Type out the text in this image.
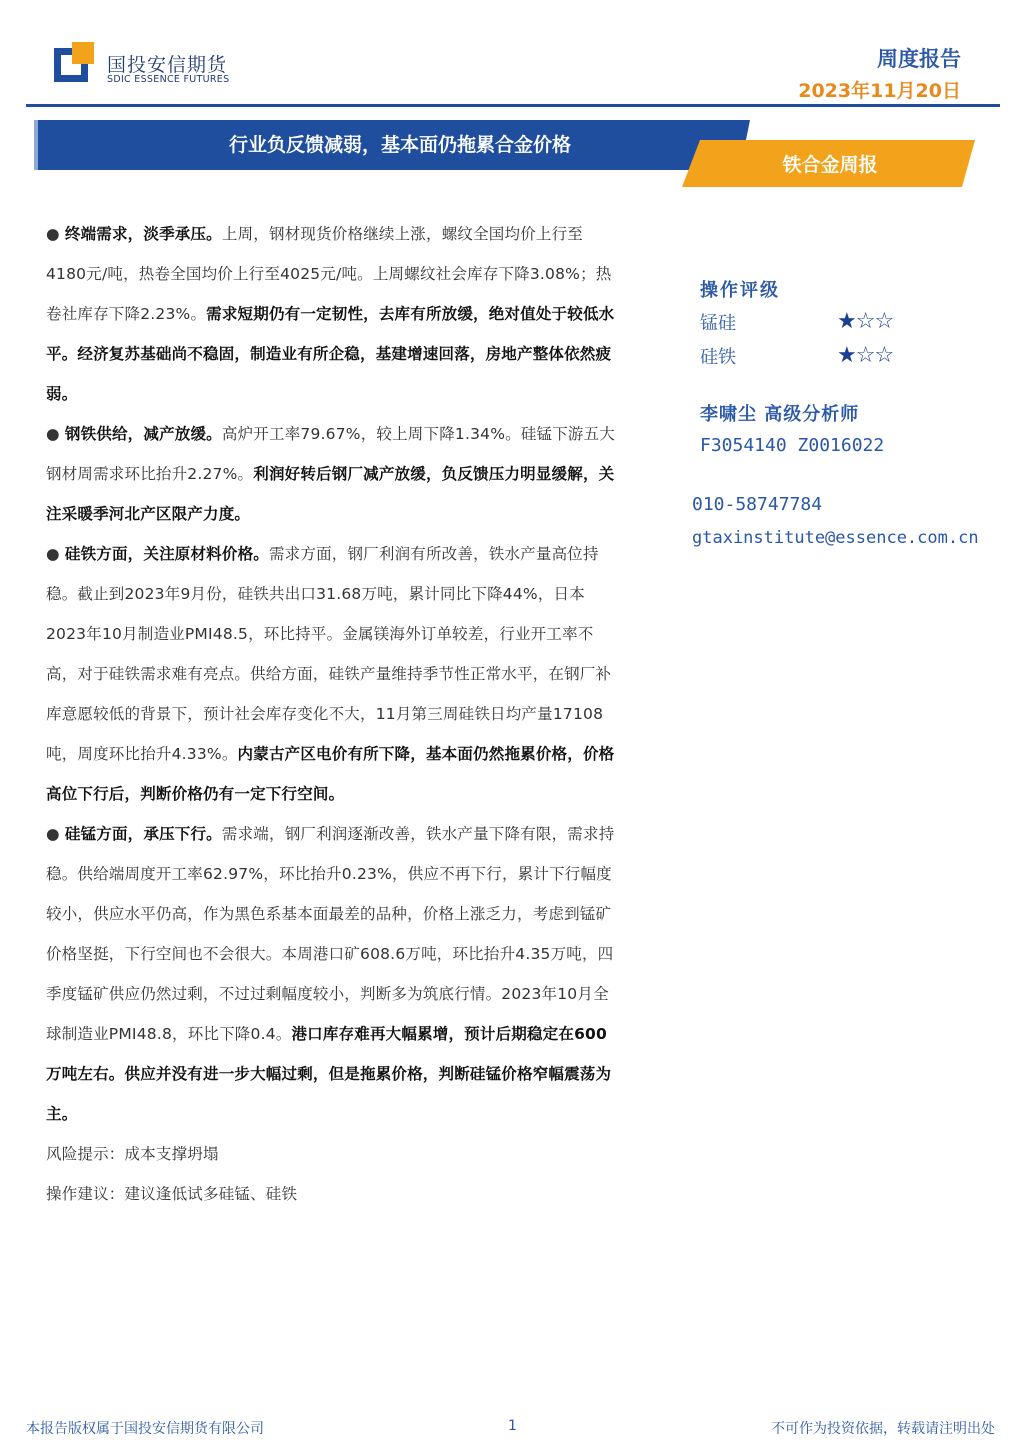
国投安信期货
SDIC ESSENCE FUTURES
周度报告
2023年11月20日
行业负反馈减弱，基本面仍拖累合金价格
铁合金周报

● 终端需求，淡季承压。上周，钢材现货价格继续上涨，螺纹全国均价上行至4180元/吨，热卷全国均价上行至4025元/吨。上周螺纹社会库存下降3.08%；热卷社库存下降2.23%。需求短期仍有一定韧性，去库有所放缓，绝对值处于较低水平。经济复苏基础尚不稳固，制造业有所企稳，基建增速回落，房地产整体依然疲弱。

● 钢铁供给，减产放缓。高炉开工率79.67%，较上周下降1.34%。硅锰下游五大钢材周需求环比抬升2.27%。利润好转后钢厂减产放缓，负反馈压力明显缓解，关注采暖季河北产区限产力度。

● 硅铁方面，关注原材料价格。需求方面，钢厂利润有所改善，铁水产量高位持稳。截止到2023年9月份，硅铁共出口31.68万吨，累计同比下降44%，日本2023年10月制造业PMI48.5，环比持平。金属镁海外订单较差，行业开工率不高，对于硅铁需求难有亮点。供给方面，硅铁产量维持季节性正常水平，在钢厂补库意愿较低的背景下，预计社会库存变化不大，11月第三周硅铁日均产量17108吨，周度环比抬升4.33%。内蒙古产区电价有所下降，基本面仍然拖累价格，价格高位下行后，判断价格仍有一定下行空间。

● 硅锰方面，承压下行。需求端，钢厂利润逐渐改善，铁水产量下降有限，需求持稳。供给端周度开工率62.97%，环比抬升0.23%，供应不再下行，累计下行幅度较小，供应水平仍高，作为黑色系基本面最差的品种，价格上涨乏力，考虑到锰矿价格坚挺，下行空间也不会很大。本周港口矿608.6万吨，环比抬升4.35万吨，四季度锰矿供应仍然过剩，不过过剩幅度较小，判断多为筑底行情。2023年10月全球制造业PMI48.8，环比下降0.4。港口库存难再大幅累增，预计后期稳定在600万吨左右。供应并没有进一步大幅过剩，但是拖累价格，判断硅锰价格窄幅震荡为主。

风险提示：成本支撑坍塌

操作建议：建议逢低试多硅锰、硅铁

操作评级
锰硅	★☆☆
硅铁	★☆☆
李啸尘 高级分析师
F3054140 Z0016022
010-58747784
gtaxinstitute@essence.com.cn
本报告版权属于国投安信期货有限公司	1	不可作为投资依据，转载请注明出处
